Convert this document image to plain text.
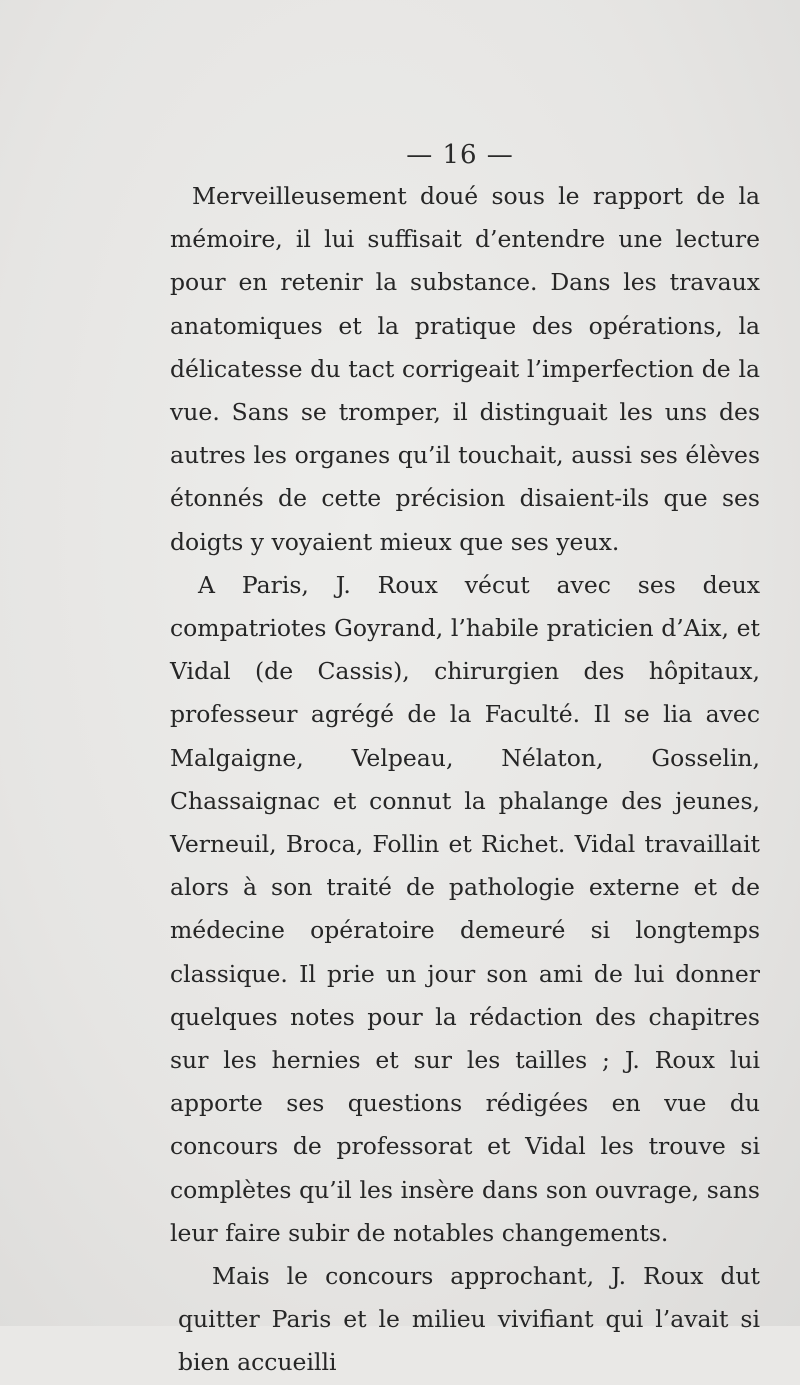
— 16 —

Merveilleusement doué sous le rapport de la mémoire, il lui suffisait d’entendre une lecture pour en retenir la substance. Dans les travaux anatomiques et la pratique des opérations, la délicatesse du tact corrigeait l’imperfection de la vue. Sans se tromper, il distinguait les uns des autres les organes qu’il touchait, aussi ses élèves étonnés de cette précision disaient-ils que ses doigts y voyaient mieux que ses yeux.

A Paris, J. Roux vécut avec ses deux compatriotes Goyrand, l’habile praticien d’Aix, et Vidal (de Cassis), chirurgien des hôpitaux, professeur agrégé de la Faculté. Il se lia avec Malgaigne, Velpeau, Nélaton, Gosselin, Chassaignac et connut la phalange des jeunes, Verneuil, Broca, Follin et Richet. Vidal travaillait alors à son traité de pathologie externe et de médecine opératoire demeuré si longtemps classique. Il prie un jour son ami de lui donner quelques notes pour la rédaction des chapitres sur les hernies et sur les tailles ; J. Roux lui apporte ses questions rédigées en vue du concours de professorat et Vidal les trouve si complètes qu’il les insère dans son ouvrage, sans leur faire subir de notables changements.

Mais le concours approchant, J. Roux dut quitter Paris et le milieu vivifiant qui l’avait si bien accueilli
